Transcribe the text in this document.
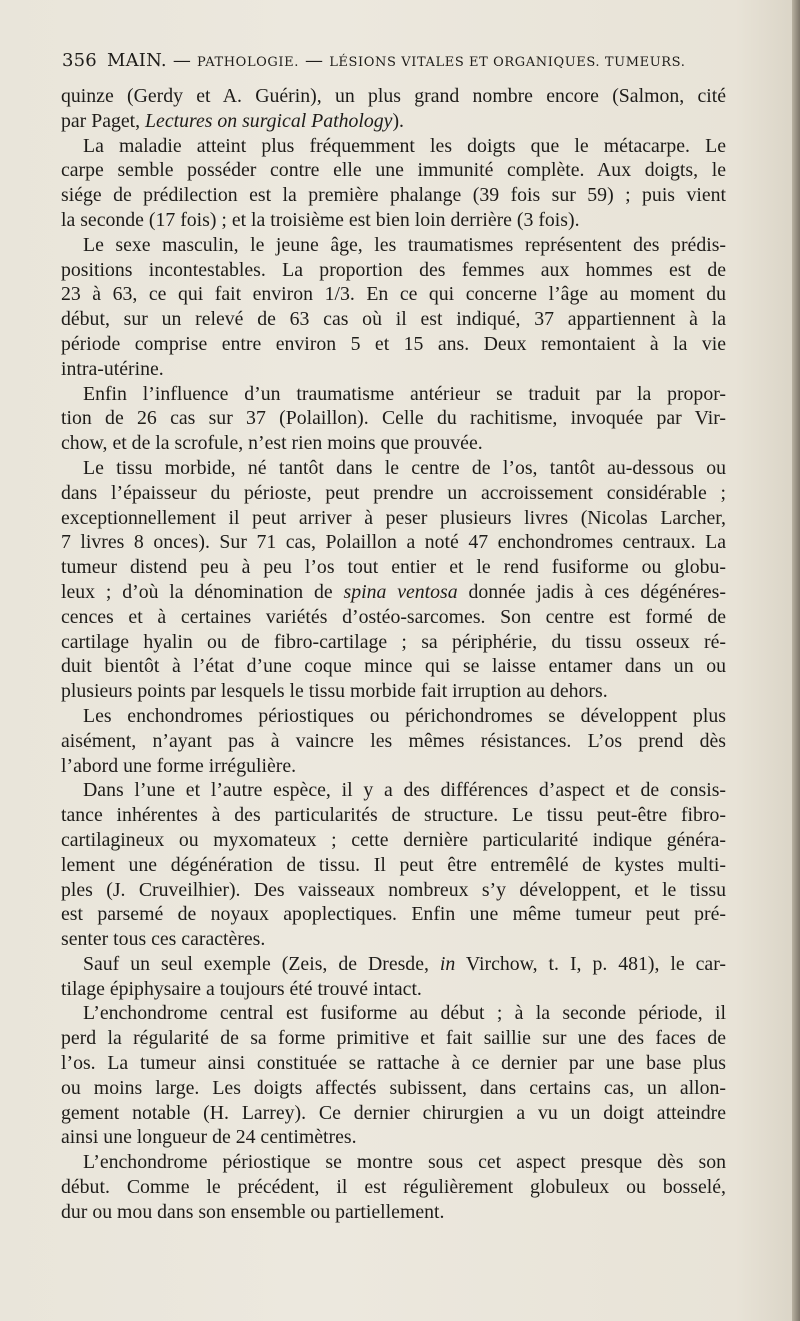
356 MAIN. — PATHOLOGIE. — LÉSIONS VITALES ET ORGANIQUES. TUMEURS.
quinze (Gerdy et A. Guérin), un plus grand nombre encore (Salmon, cité
par Paget, Lectures on surgical Pathology).
La maladie atteint plus fréquemment les doigts que le métacarpe. Le
carpe semble posséder contre elle une immunité complète. Aux doigts, le
siége de prédilection est la première phalange (39 fois sur 59) ; puis vient
la seconde (17 fois) ; et la troisième est bien loin derrière (3 fois).
Le sexe masculin, le jeune âge, les traumatismes représentent des prédis-
positions incontestables. La proportion des femmes aux hommes est de
23 à 63, ce qui fait environ 1/3. En ce qui concerne l’âge au moment du
début, sur un relevé de 63 cas où il est indiqué, 37 appartiennent à la
période comprise entre environ 5 et 15 ans. Deux remontaient à la vie
intra-utérine.
Enfin l’influence d’un traumatisme antérieur se traduit par la propor-
tion de 26 cas sur 37 (Polaillon). Celle du rachitisme, invoquée par Vir-
chow, et de la scrofule, n’est rien moins que prouvée.
Le tissu morbide, né tantôt dans le centre de l’os, tantôt au-dessous ou
dans l’épaisseur du périoste, peut prendre un accroissement considérable ;
exceptionnellement il peut arriver à peser plusieurs livres (Nicolas Larcher,
7 livres 8 onces). Sur 71 cas, Polaillon a noté 47 enchondromes centraux. La
tumeur distend peu à peu l’os tout entier et le rend fusiforme ou globu-
leux ; d’où la dénomination de spina ventosa donnée jadis à ces dégénéres-
cences et à certaines variétés d’ostéo-sarcomes. Son centre est formé de
cartilage hyalin ou de fibro-cartilage ; sa périphérie, du tissu osseux ré-
duit bientôt à l’état d’une coque mince qui se laisse entamer dans un ou
plusieurs points par lesquels le tissu morbide fait irruption au dehors.
Les enchondromes périostiques ou périchondromes se développent plus
aisément, n’ayant pas à vaincre les mêmes résistances. L’os prend dès
l’abord une forme irrégulière.
Dans l’une et l’autre espèce, il y a des différences d’aspect et de consis-
tance inhérentes à des particularités de structure. Le tissu peut-être fibro-
cartilagineux ou myxomateux ; cette dernière particularité indique généra-
lement une dégénération de tissu. Il peut être entremêlé de kystes multi-
ples (J. Cruveilhier). Des vaisseaux nombreux s’y développent, et le tissu
est parsemé de noyaux apoplectiques. Enfin une même tumeur peut pré-
senter tous ces caractères.
Sauf un seul exemple (Zeis, de Dresde, in Virchow, t. I, p. 481), le car-
tilage épiphysaire a toujours été trouvé intact.
L’enchondrome central est fusiforme au début ; à la seconde période, il
perd la régularité de sa forme primitive et fait saillie sur une des faces de
l’os. La tumeur ainsi constituée se rattache à ce dernier par une base plus
ou moins large. Les doigts affectés subissent, dans certains cas, un allon-
gement notable (H. Larrey). Ce dernier chirurgien a vu un doigt atteindre
ainsi une longueur de 24 centimètres.
L’enchondrome périostique se montre sous cet aspect presque dès son
début. Comme le précédent, il est régulièrement globuleux ou bosselé,
dur ou mou dans son ensemble ou partiellement.
